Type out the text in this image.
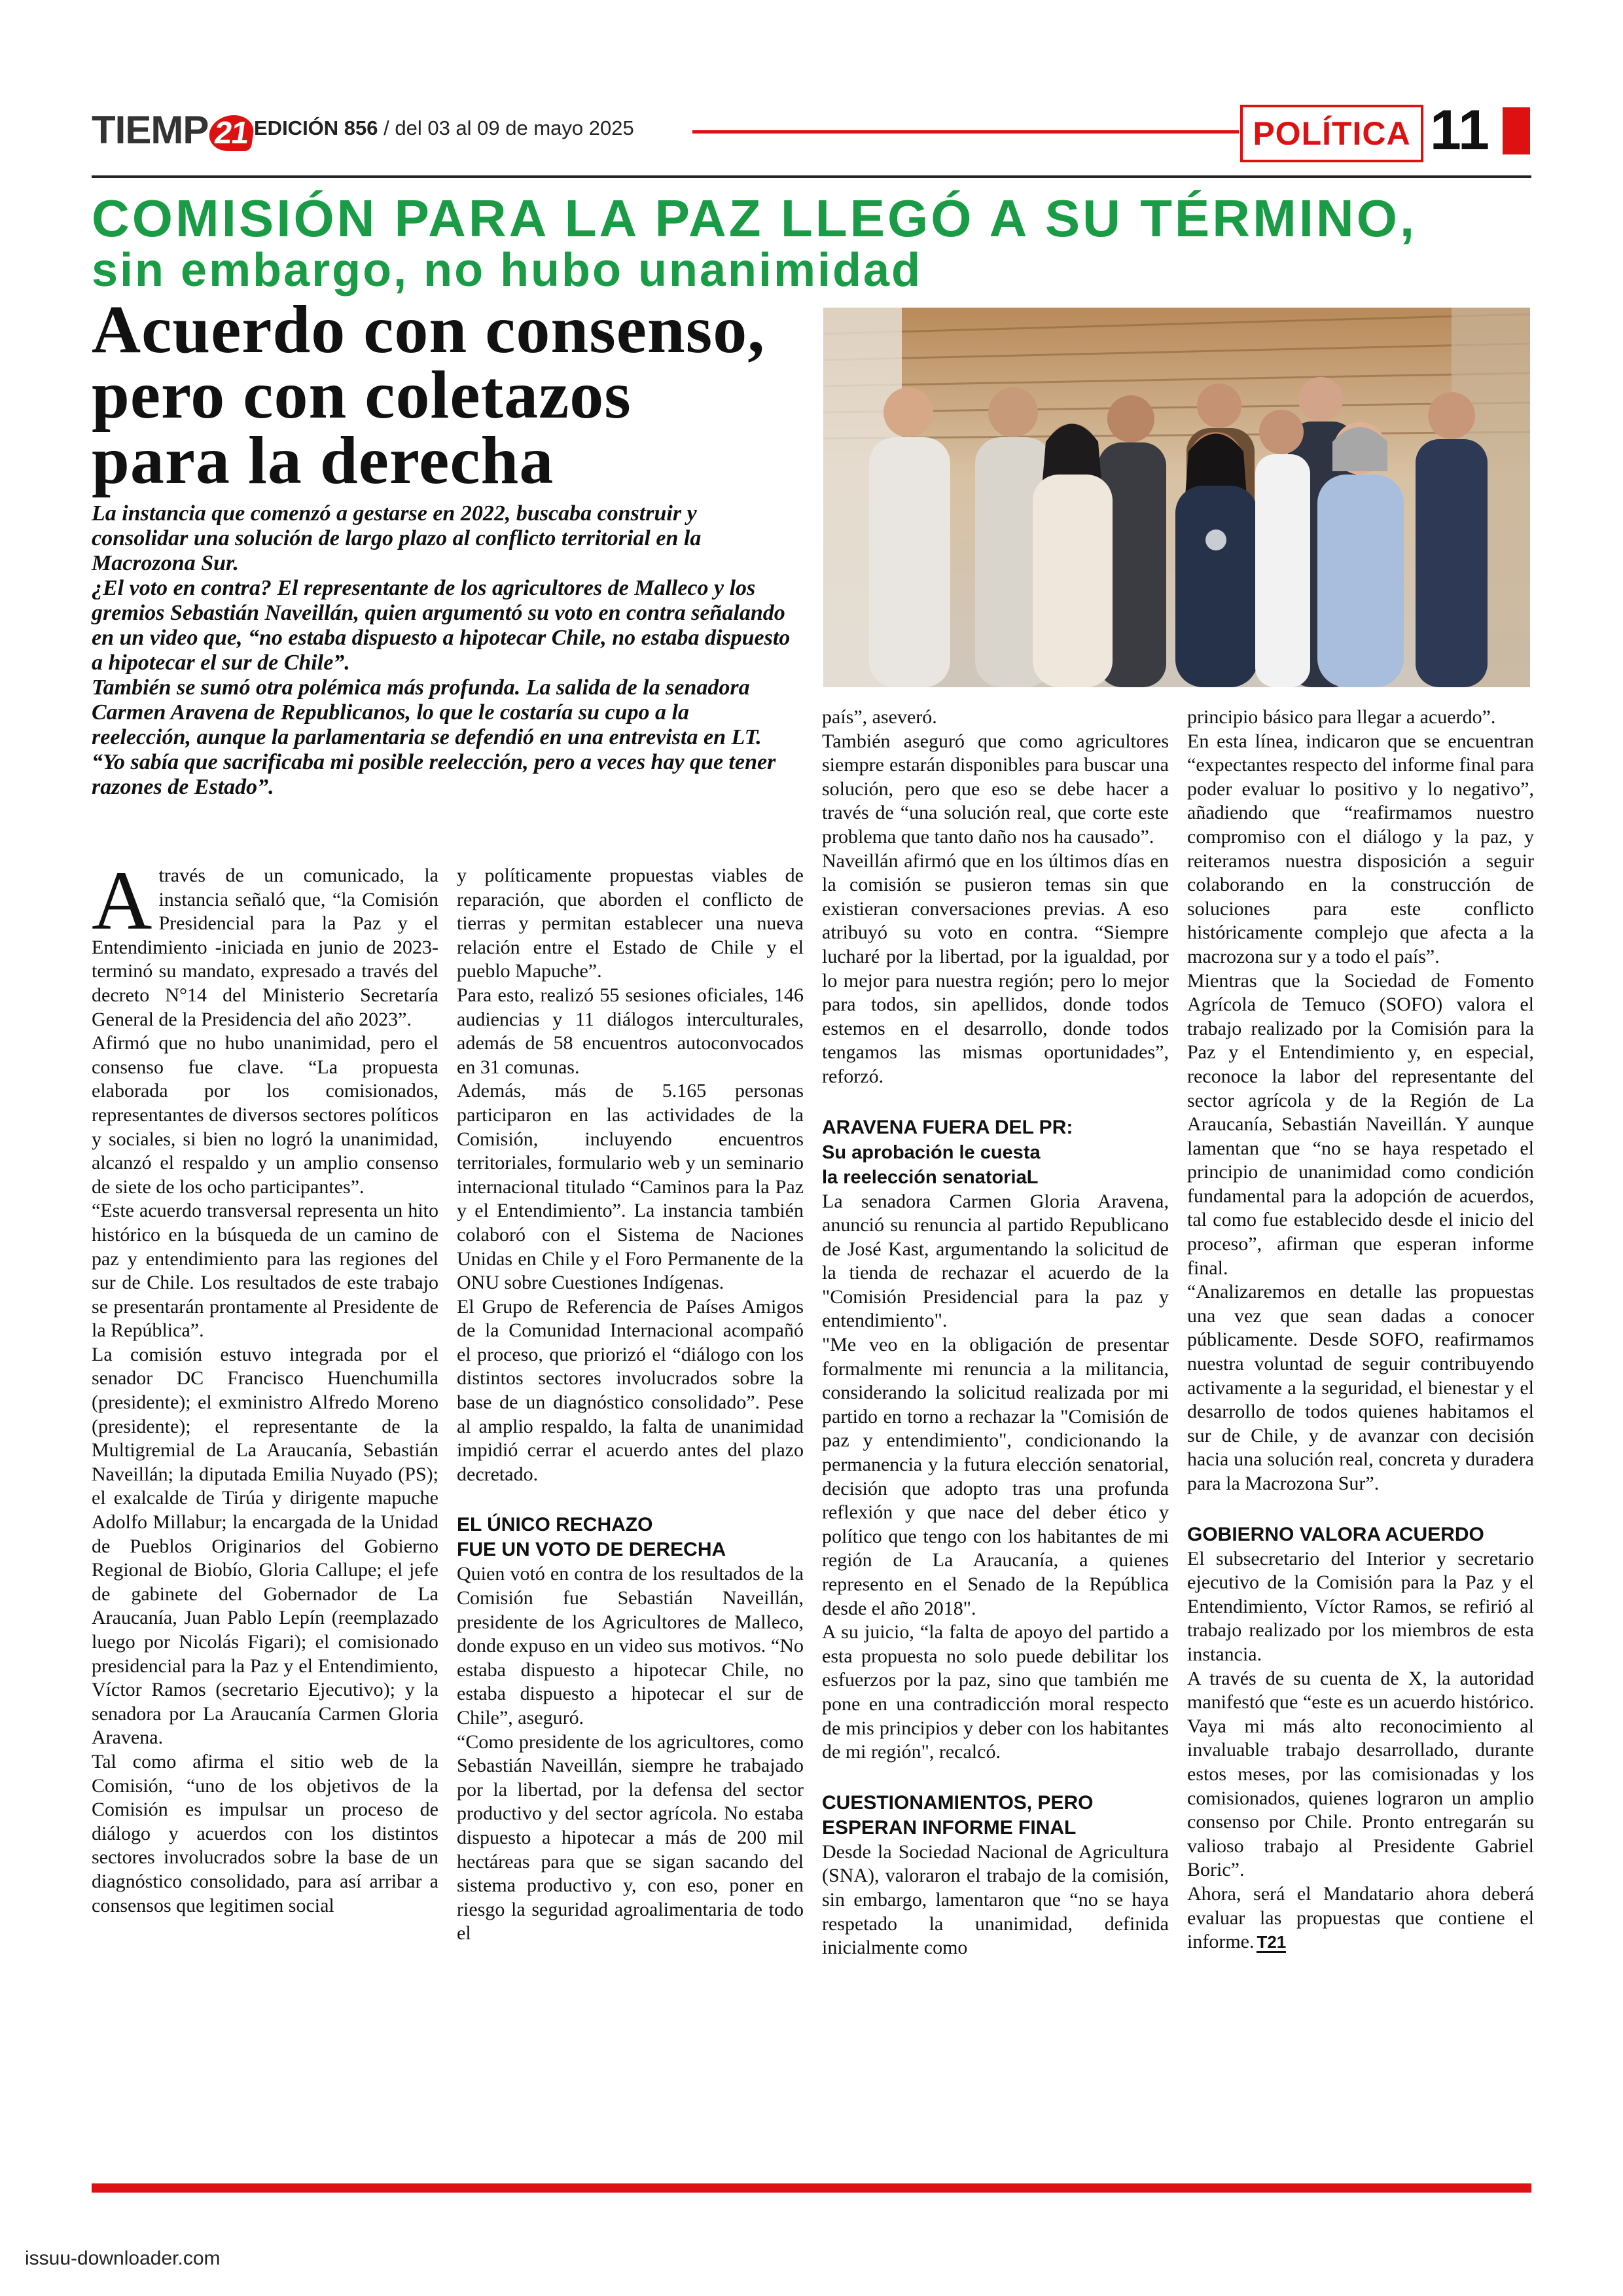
TIEMP 21 EDICIÓN 856 / del 03 al 09 de mayo 2025	POLÍTICA 11
COMISIÓN PARA LA PAZ LLEGÓ A SU TÉRMINO,
sin embargo, no hubo unanimidad
Acuerdo con consenso,
pero con coletazos
para la derecha

La instancia que comenzó a gestarse en 2022, buscaba construir y consolidar una solución de largo plazo al conflicto territorial en la Macrozona Sur.

¿El voto en contra? El representante de los agricultores de Malleco y los gremios Sebastián Naveillán, quien argumentó su voto en contra señalando en un video que, “no estaba dispuesto a hipotecar Chile, no estaba dispuesto a hipotecar el sur de Chile”.

También se sumó otra polémica más profunda. La salida de la senadora Carmen Aravena de Republicanos, lo que le costaría su cupo a la reelección, aunque la parlamentaria se defendió en una entrevista en LT. “Yo sabía que sacrificaba mi posible reelección, pero a veces hay que tener razones de Estado”.

Através de un comunicado, la instancia señaló que, “la Comisión Presidencial para la Paz y el Entendimiento -iniciada en junio de 2023- terminó su mandato, expresado a través del decreto N°14 del Ministerio Secretaría General de la Presidencia del año 2023”.

Afirmó que no hubo unanimidad, pero el consenso fue clave. “La propuesta elaborada por los comisionados, representantes de diversos sectores políticos y sociales, si bien no logró la unanimidad, alcanzó el respaldo y un amplio consenso de siete de los ocho participantes”.

“Este acuerdo transversal representa un hito histórico en la búsqueda de un camino de paz y entendimiento para las regiones del sur de Chile. Los resultados de este trabajo se presentarán prontamente al Presidente de la República”.

La comisión estuvo integrada por el senador DC Francisco Huenchumilla (presidente); el exministro Alfredo Moreno (presidente); el representante de la Multigremial de La Araucanía, Sebastián Naveillán; la diputada Emilia Nuyado (PS); el exalcalde de Tirúa y dirigente mapuche Adolfo Millabur; la encargada de la Unidad de Pueblos Originarios del Gobierno Regional de Biobío, Gloria Callupe; el jefe de gabinete del Gobernador de La Araucanía, Juan Pablo Lepín (reemplazado luego por Nicolás Figari); el comisionado presidencial para la Paz y el Entendimiento, Víctor Ramos (secretario Ejecutivo); y la senadora por La Araucanía Carmen Gloria Aravena.

Tal como afirma el sitio web de la Comisión, “uno de los objetivos de la Comisión es impulsar un proceso de diálogo y acuerdos con los distintos sectores involucrados sobre la base de un diagnóstico consolidado, para así arribar a consensos que legitimen social

y políticamente propuestas viables de reparación, que aborden el conflicto de tierras y permitan establecer una nueva relación entre el Estado de Chile y el pueblo Mapuche”.

Para esto, realizó 55 sesiones oficiales, 146 audiencias y 11 diálogos interculturales, además de 58 encuentros autoconvocados en 31 comunas.

Además, más de 5.165 personas participaron en las actividades de la Comisión, incluyendo encuentros territoriales, formulario web y un seminario internacional titulado “Caminos para la Paz y el Entendimiento”. La instancia también colaboró con el Sistema de Naciones Unidas en Chile y el Foro Permanente de la ONU sobre Cuestiones Indígenas.

El Grupo de Referencia de Países Amigos de la Comunidad Internacional acompañó el proceso, que priorizó el “diálogo con los distintos sectores involucrados sobre la base de un diagnóstico consolidado”. Pese al amplio respaldo, la falta de unanimidad impidió cerrar el acuerdo antes del plazo decretado.

EL ÚNICO RECHAZO
FUE UN VOTO DE DERECHA

Quien votó en contra de los resultados de la Comisión fue Sebastián Naveillán, presidente de los Agricultores de Malleco, donde expuso en un video sus motivos. “No estaba dispuesto a hipotecar Chile, no estaba dispuesto a hipotecar el sur de Chile”, aseguró.

“Como presidente de los agricultores, como Sebastián Naveillán, siempre he trabajado por la libertad, por la defensa del sector productivo y del sector agrícola. No estaba dispuesto a hipotecar a más de 200 mil hectáreas para que se sigan sacando del sistema productivo y, con eso, poner en riesgo la seguridad agroalimentaria de todo el

país”, aseveró.

También aseguró que como agricultores siempre estarán disponibles para buscar una solución, pero que eso se debe hacer a través de “una solución real, que corte este problema que tanto daño nos ha causado”.

Naveillán afirmó que en los últimos días en la comisión se pusieron temas sin que existieran conversaciones previas. A eso atribuyó su voto en contra. “Siempre lucharé por la libertad, por la igualdad, por lo mejor para nuestra región; pero lo mejor para todos, sin apellidos, donde todos estemos en el desarrollo, donde todos tengamos las mismas oportunidades”, reforzó.

ARAVENA FUERA DEL PR:
Su aprobación le cuesta
la reelección senatoriaL

La senadora Carmen Gloria Aravena, anunció su renuncia al partido Republicano de José Kast, argumentando la solicitud de la tienda de rechazar el acuerdo de la "Comisión Presidencial para la paz y entendimiento".

"Me veo en la obligación de presentar formalmente mi renuncia a la militancia, considerando la solicitud realizada por mi partido en torno a rechazar la "Comisión de paz y entendimiento", condicionando la permanencia y la futura elección senatorial, decisión que adopto tras una profunda reflexión y que nace del deber ético y político que tengo con los habitantes de mi región de La Araucanía, a quienes represento en el Senado de la República desde el año 2018".

A su juicio, “la falta de apoyo del partido a esta propuesta no solo puede debilitar los esfuerzos por la paz, sino que también me pone en una contradicción moral respecto de mis principios y deber con los habitantes de mi región", recalcó.

CUESTIONAMIENTOS, PERO
ESPERAN INFORME FINAL

Desde la Sociedad Nacional de Agricultura (SNA), valoraron el trabajo de la comisión, sin embargo, lamentaron que “no se haya respetado la unanimidad, definida inicialmente como

principio básico para llegar a acuerdo”.

En esta línea, indicaron que se encuentran “expectantes respecto del informe final para poder evaluar lo positivo y lo negativo”, añadiendo que “reafirmamos nuestro compromiso con el diálogo y la paz, y reiteramos nuestra disposición a seguir colaborando en la construcción de soluciones para este conflicto históricamente complejo que afecta a la macrozona sur y a todo el país”.

Mientras que la Sociedad de Fomento Agrícola de Temuco (SOFO) valora el trabajo realizado por la Comisión para la Paz y el Entendimiento y, en especial, reconoce la labor del representante del sector agrícola y de la Región de La Araucanía, Sebastián Naveillán. Y aunque lamentan que “no se haya respetado el principio de unanimidad como condición fundamental para la adopción de acuerdos, tal como fue establecido desde el inicio del proceso”, afirman que esperan informe final.

“Analizaremos en detalle las propuestas una vez que sean dadas a conocer públicamente. Desde SOFO, reafirmamos nuestra voluntad de seguir contribuyendo activamente a la seguridad, el bienestar y el desarrollo de todos quienes habitamos el sur de Chile, y de avanzar con decisión hacia una solución real, concreta y duradera para la Macrozona Sur”.

GOBIERNO VALORA ACUERDO

El subsecretario del Interior y secretario ejecutivo de la Comisión para la Paz y el Entendimiento, Víctor Ramos, se refirió al trabajo realizado por los miembros de esta instancia.

A través de su cuenta de X, la autoridad manifestó que “este es un acuerdo histórico. Vaya mi más alto reconocimiento al invaluable trabajo desarrollado, durante estos meses, por las comisionadas y los comisionados, quienes lograron un amplio consenso por Chile. Pronto entregarán su valioso trabajo al Presidente Gabriel Boric”.

Ahora, será el Mandatario ahora deberá evaluar las propuestas que contiene el informe. T21

issuu-downloader.com
